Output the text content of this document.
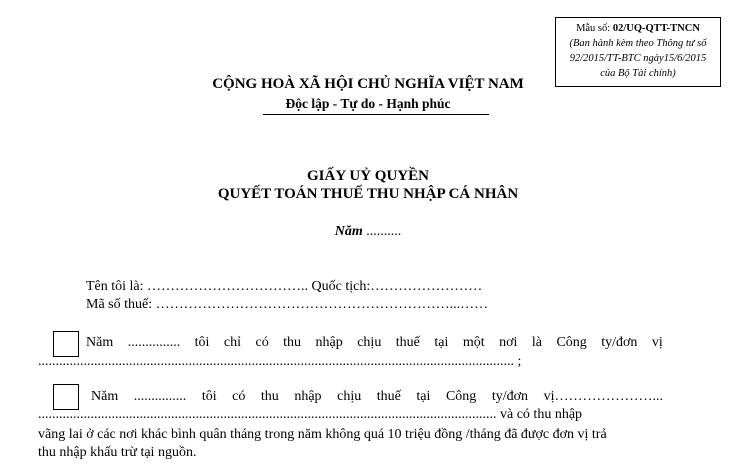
Mẫu số: 02/UQ-QTT-TNCN
(Ban hành kèm theo Thông tư số
92/2015/TT-BTC ngày15/6/2015
của Bộ Tài chính)
CỘNG HOÀ XÃ HỘI CHỦ NGHĨA VIỆT NAM
Độc lập - Tự do - Hạnh phúc
GIẤY UỶ QUYỀN
QUYẾT TOÁN THUẾ THU NHẬP CÁ NHÂN
Năm ..........
Tên tôi là: …………………………….. Quốc tịch:……………………
Mã số thuế: ………………………………………………………...……
Năm ............... tôi chỉ có thu nhập chịu thuế tại một nơi là Công ty/đơn vị
........................................................................................................................................ ;
Năm ............... tôi có thu nhập chịu thuế tại Công ty/đơn vị…………………...
................................................................................................................................... và có thu nhập
vãng lai ở các nơi khác bình quân tháng trong năm không quá 10 triệu đồng /tháng đã được đơn vị trả
thu nhập khấu trừ tại nguồn.
